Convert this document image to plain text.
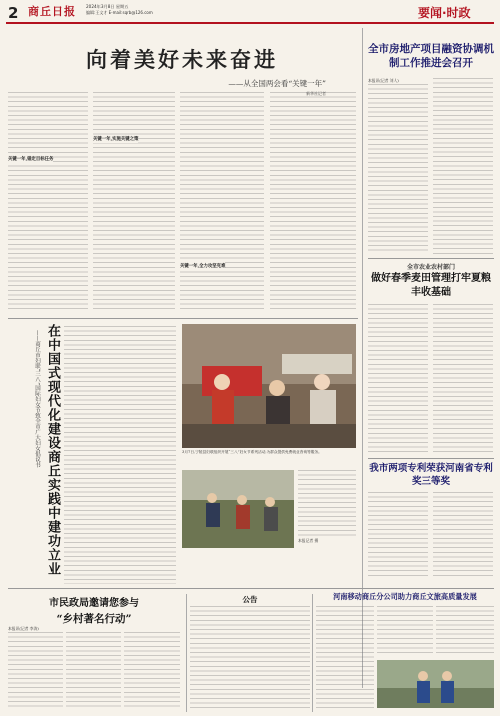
2 商丘日报 2024年3月8日 星期五
编辑:王文才 E-mail:sqrb@126.com	要闻·时政
向着美好未来奋进
——从全国两会看“关键一年”
新华社记者
关键一年,锚定目标任务
关键一年,实施关键之策
关键一年,全力攻坚克难
全市房地产项目融资协调机制工作推进会召开
本报讯(记者 刘人)
全市农业农村部门
做好春季麦田管理打牢夏粮丰收基础
我市两项专利荣获河南省专利奖三等奖
在中国式现代化建设商丘实践中建功立业
——商丘市妇联“三八”国际妇女节致全市广大妇女倡议书	3月7日,宁陵县妇联组织开展“三八”妇女节系列活动,为群众提供免费就业咨询等服务。
本报记者 摄
市民政局邀请您参与
“乡村著名行动”
本报讯(记者 李涛)
公告	河南移动商丘分公司助力商丘文旅高质量发展
